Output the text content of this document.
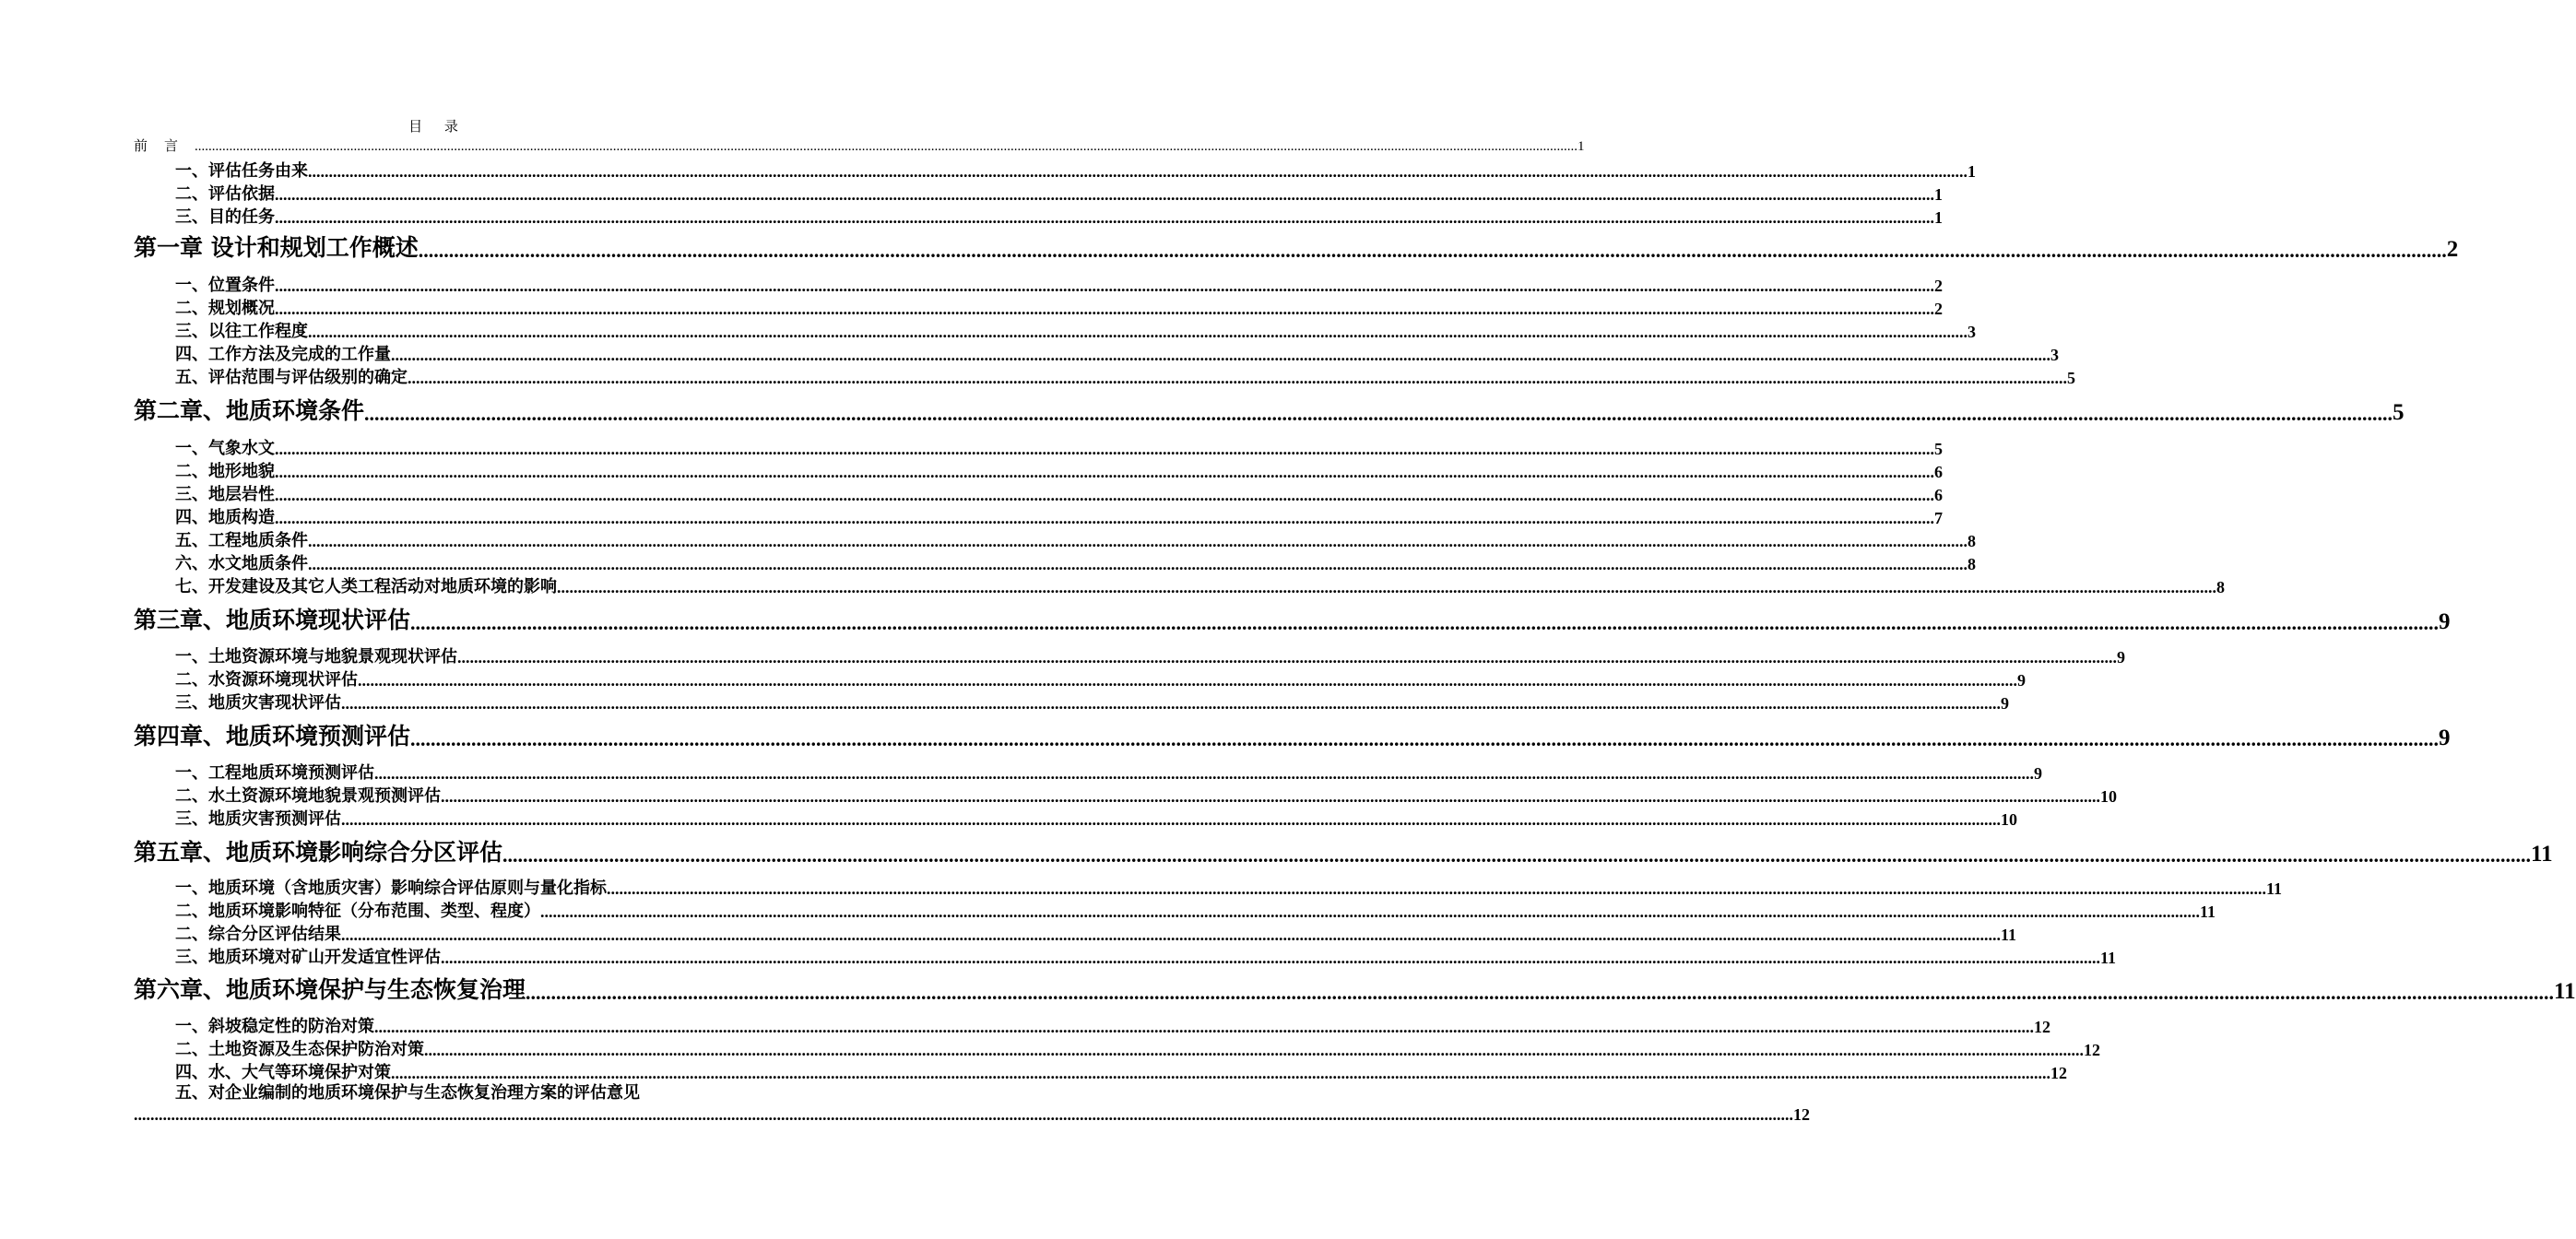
目 录
前言 ................................................................................................................................................................................................................................................................................................................................................................................................................ 1
一、评估任务由来 ................................................................................................................................................................................................................................................................................................................................................................................................................ 1
二、评估依据 ................................................................................................................................................................................................................................................................................................................................................................................................................ 1
三、目的任务 ................................................................................................................................................................................................................................................................................................................................................................................................................ 1
第一章 设计和规划工作概述 ................................................................................................................................................................................................................................................................................................................................................................................................................ 2
一、位置条件 ................................................................................................................................................................................................................................................................................................................................................................................................................ 2
二、规划概况 ................................................................................................................................................................................................................................................................................................................................................................................................................ 2
三、以往工作程度 ................................................................................................................................................................................................................................................................................................................................................................................................................ 3
四、工作方法及完成的工作量 ................................................................................................................................................................................................................................................................................................................................................................................................................ 3
五、评估范围与评估级别的确定 ................................................................................................................................................................................................................................................................................................................................................................................................................ 5
第二章、地质环境条件 ................................................................................................................................................................................................................................................................................................................................................................................................................ 5
一、气象水文 ................................................................................................................................................................................................................................................................................................................................................................................................................ 5
二、地形地貌 ................................................................................................................................................................................................................................................................................................................................................................................................................ 6
三、地层岩性 ................................................................................................................................................................................................................................................................................................................................................................................................................ 6
四、地质构造 ................................................................................................................................................................................................................................................................................................................................................................................................................ 7
五、工程地质条件 ................................................................................................................................................................................................................................................................................................................................................................................................................ 8
六、水文地质条件 ................................................................................................................................................................................................................................................................................................................................................................................................................ 8
七、开发建设及其它人类工程活动对地质环境的影响 ................................................................................................................................................................................................................................................................................................................................................................................................................ 8
第三章、地质环境现状评估 ................................................................................................................................................................................................................................................................................................................................................................................................................ 9
一、土地资源环境与地貌景观现状评估 ................................................................................................................................................................................................................................................................................................................................................................................................................ 9
二、水资源环境现状评估 ................................................................................................................................................................................................................................................................................................................................................................................................................ 9
三、地质灾害现状评估 ................................................................................................................................................................................................................................................................................................................................................................................................................ 9
第四章、地质环境预测评估 ................................................................................................................................................................................................................................................................................................................................................................................................................ 9
一、工程地质环境预测评估 ................................................................................................................................................................................................................................................................................................................................................................................................................ 9
二、水土资源环境地貌景观预测评估 ................................................................................................................................................................................................................................................................................................................................................................................................................ 10
三、地质灾害预测评估 ................................................................................................................................................................................................................................................................................................................................................................................................................ 10
第五章、地质环境影响综合分区评估 ................................................................................................................................................................................................................................................................................................................................................................................................................ 11
一、地质环境（含地质灾害）影响综合评估原则与量化指标 ................................................................................................................................................................................................................................................................................................................................................................................................................ 11
二、地质环境影响特征（分布范围、类型、程度） ................................................................................................................................................................................................................................................................................................................................................................................................................ 11
二、综合分区评估结果 ................................................................................................................................................................................................................................................................................................................................................................................................................ 11
三、地质环境对矿山开发适宜性评估 ................................................................................................................................................................................................................................................................................................................................................................................................................ 11
第六章、地质环境保护与生态恢复治理 ................................................................................................................................................................................................................................................................................................................................................................................................................ 11
一、斜坡稳定性的防治对策 ................................................................................................................................................................................................................................................................................................................................................................................................................ 12
二、土地资源及生态保护防治对策 ................................................................................................................................................................................................................................................................................................................................................................................................................ 12
四、水、大气等环境保护对策 ................................................................................................................................................................................................................................................................................................................................................................................................................ 12
五、对企业编制的地质环境保护与生态恢复治理方案的评估意见
................................................................................................................................................................................................................................................................................................................................................................................................................ 12
